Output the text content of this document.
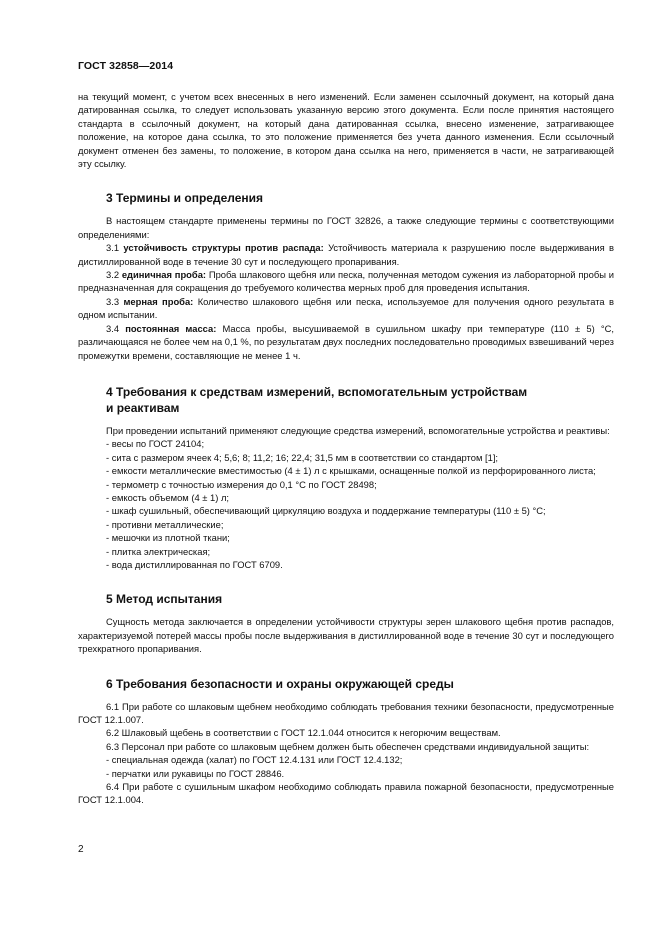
ГОСТ 32858—2014

на текущий момент, с учетом всех внесенных в него изменений. Если заменен ссылочный документ, на который дана датированная ссылка, то следует использовать указанную версию этого документа. Если после принятия настоящего стандарта в ссылочный документ, на который дана датированная ссылка, внесено изменение, затрагивающее положение, на которое дана ссылка, то это положение применяется без учета данного изменения. Если ссылочный документ отменен без замены, то положение, в котором дана ссылка на него, применяется в части, не затрагивающей эту ссылку.

3 Термины и определения

В настоящем стандарте применены термины по ГОСТ 32826, а также следующие термины с соответствующими определениями:

3.1 устойчивость структуры против распада: Устойчивость материала к разрушению после выдерживания в дистиллированной воде в течение 30 сут и последующего пропаривания.

3.2 единичная проба: Проба шлакового щебня или песка, полученная методом сужения из лабораторной пробы и предназначенная для сокращения до требуемого количества мерных проб для проведения испытания.

3.3 мерная проба: Количество шлакового щебня или песка, используемое для получения одного результата в одном испытании.

3.4 постоянная масса: Масса пробы, высушиваемой в сушильном шкафу при температуре (110 ± 5) °С, различающаяся не более чем на 0,1 %, по результатам двух последних последовательно проводимых взвешиваний через промежутки времени, составляющие не менее 1 ч.

4 Требования к средствам измерений, вспомогательным устройствам
и реактивам

При проведении испытаний применяют следующие средства измерений, вспомогательные устройства и реактивы:

- весы по ГОСТ 24104;

- сита с размером ячеек 4; 5,6; 8; 11,2; 16; 22,4; 31,5 мм в соответствии со стандартом [1];

- емкости металлические вместимостью (4 ± 1) л с крышками, оснащенные полкой из перфорированного листа;

- термометр с точностью измерения до 0,1 °С по ГОСТ 28498;

- емкость объемом (4 ± 1) л;

- шкаф сушильный, обеспечивающий циркуляцию воздуха и поддержание температуры (110 ± 5) °С;

- противни металлические;

- мешочки из плотной ткани;

- плитка электрическая;

- вода дистиллированная по ГОСТ 6709.

5 Метод испытания

Сущность метода заключается в определении устойчивости структуры зерен шлакового щебня против распадов, характеризуемой потерей массы пробы после выдерживания в дистиллированной воде в течение 30 сут и последующего трехкратного пропаривания.

6 Требования безопасности и охраны окружающей среды

6.1 При работе со шлаковым щебнем необходимо соблюдать требования техники безопасности, предусмотренные ГОСТ 12.1.007.

6.2 Шлаковый щебень в соответствии с ГОСТ 12.1.044 относится к негорючим веществам.

6.3 Персонал при работе со шлаковым щебнем должен быть обеспечен средствами индивидуальной защиты:

- специальная одежда (халат) по ГОСТ 12.4.131 или ГОСТ 12.4.132;

- перчатки или рукавицы по ГОСТ 28846.

6.4 При работе с сушильным шкафом необходимо соблюдать правила пожарной безопасности, предусмотренные ГОСТ 12.1.004.

2
